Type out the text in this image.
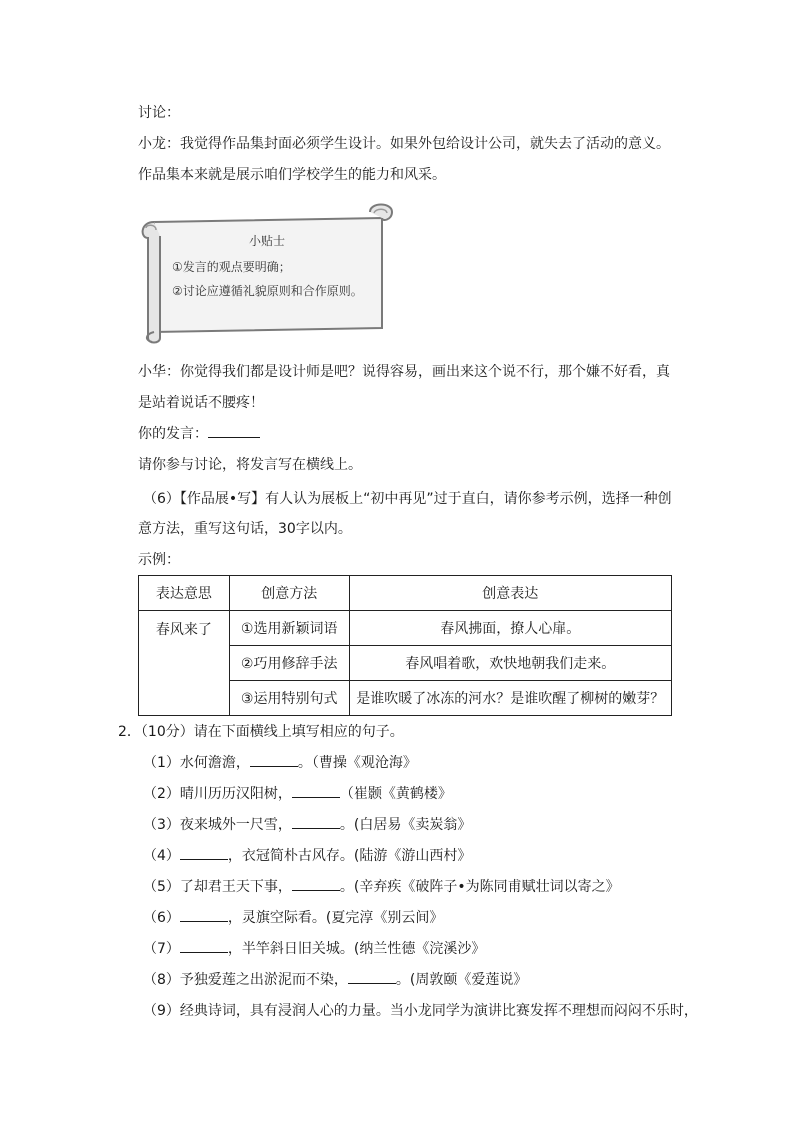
讨论：
小龙：我觉得作品集封面必须学生设计。如果外包给设计公司，就失去了活动的意义。
作品集本来就是展示咱们学校学生的能力和风采。
小贴士
①发言的观点要明确；
②讨论应遵循礼貌原则和合作原则。
小华：你觉得我们都是设计师是吧？说得容易，画出来这个说不行，那个嫌不好看，真
是站着说话不腰疼！
你的发言：
请你参与讨论，将发言写在横线上。
（6）【作品展•写】有人认为展板上“初中再见”过于直白，请你参考示例，选择一种创
意方法，重写这句话，30字以内。
示例：
表达意思	创意方法	创意表达
春风来了	①选用新颖词语	春风拂面，撩人心扉。
	②巧用修辞手法	春风唱着歌，欢快地朝我们走来。
	③运用特别句式	是谁吹暖了冰冻的河水？是谁吹醒了柳树的嫩芽？
2．（10分）请在下面横线上填写相应的句子。
（1）水何澹澹，	。（曹操《观沧海》
（2）晴川历历汉阳树，	（崔颢《黄鹤楼》
（3）夜来城外一尺雪，	。(白居易《卖炭翁》
（4）	，衣冠简朴古风存。(陆游《游山西村》
（5）了却君王天下事，	。(辛弃疾《破阵子•为陈同甫赋壮词以寄之》
（6）	，灵旗空际看。(夏完淳《别云间》
（7）	，半竿斜日旧关城。(纳兰性德《浣溪沙》
（8）予独爱莲之出淤泥而不染，	。(周敦颐《爱莲说》
（9）经典诗词，具有浸润人心的力量。当小龙同学为演讲比赛发挥不理想而闷闷不乐时，
